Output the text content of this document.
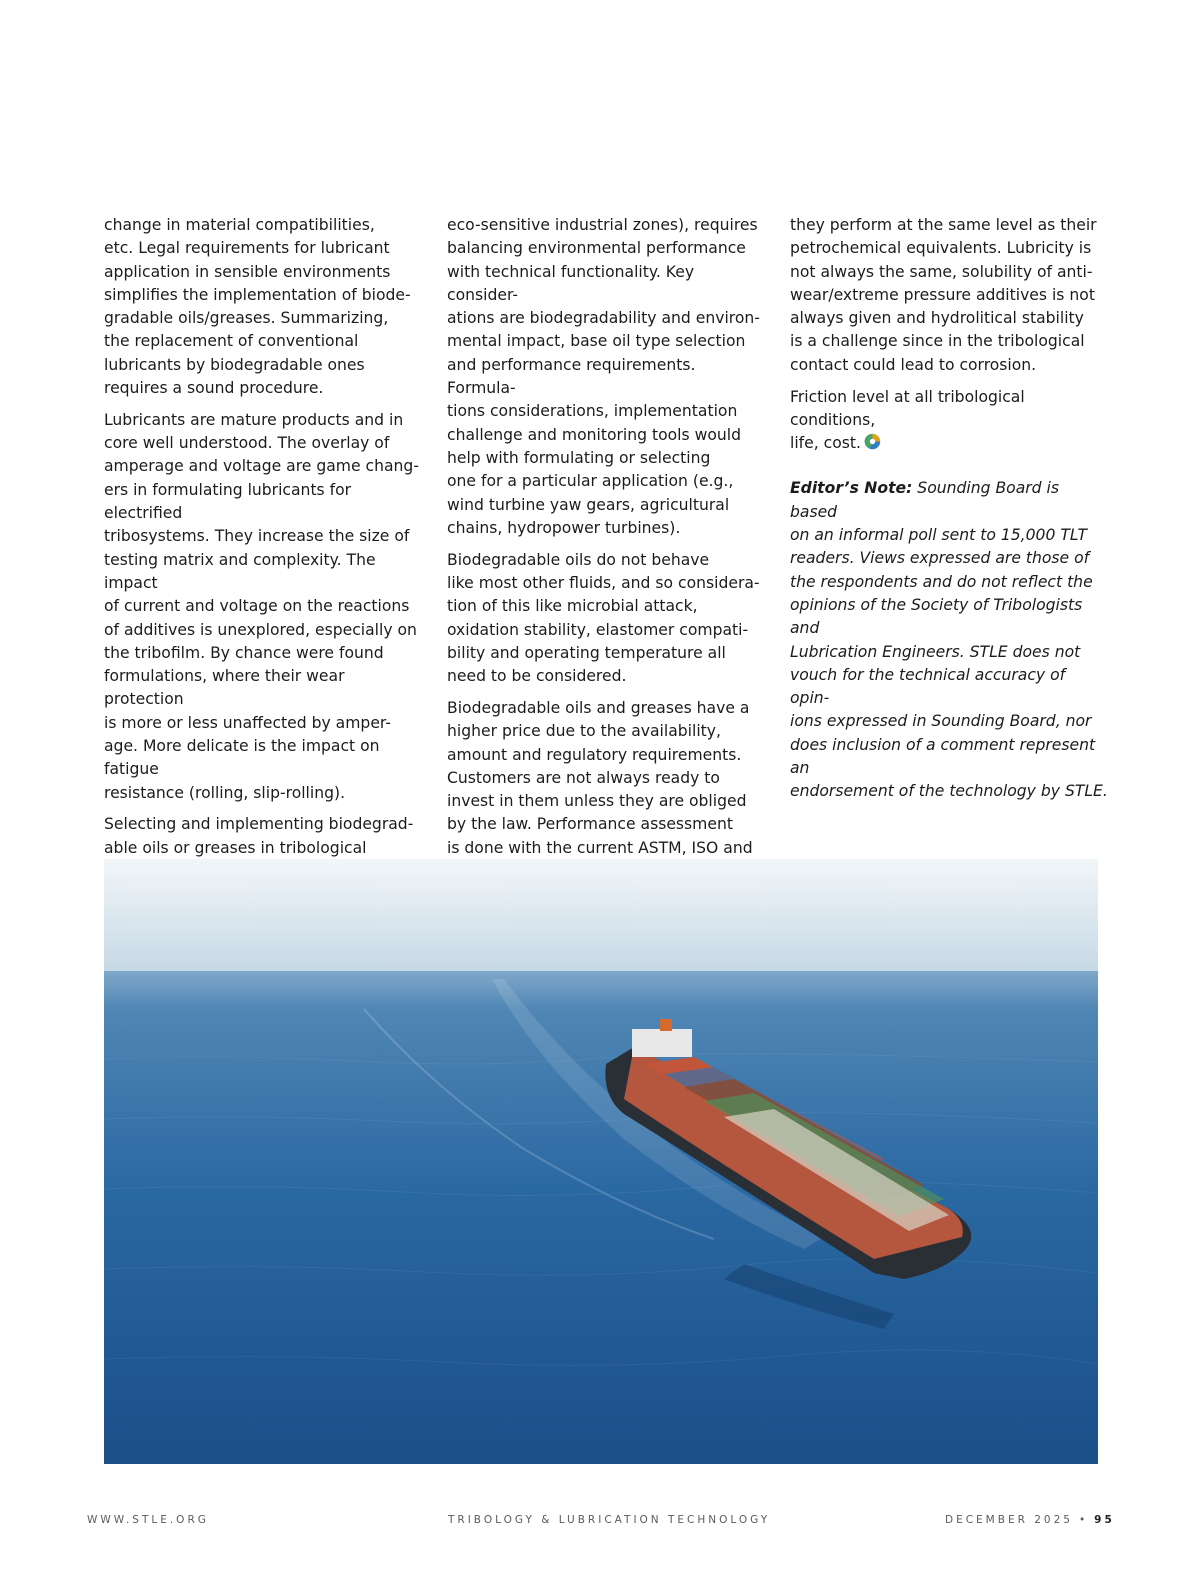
change in material compatibilities,
etc. Legal requirements for lubricant
application in sensible environments
simplifies the implementation of biode-
gradable oils/greases. Summarizing,
the replacement of conventional
lubricants by biodegradable ones
requires a sound procedure.

Lubricants are mature products and in
core well understood. The overlay of
amperage and voltage are game chang-
ers in formulating lubricants for electrified
tribosystems. They increase the size of
testing matrix and complexity. The impact
of current and voltage on the reactions
of additives is unexplored, especially on
the tribofilm. By chance were found
formulations, where their wear protection
is more or less unaffected by amper-
age. More delicate is the impact on fatigue
resistance (rolling, slip-rolling).

Selecting and implementing biodegrad-
able oils or greases in tribological

eco-sensitive industrial zones), requires
balancing environmental performance
with technical functionality. Key consider-
ations are biodegradability and environ-
mental impact, base oil type selection
and performance requirements. Formula-
tions considerations, implementation
challenge and monitoring tools would
help with formulating or selecting
one for a particular application (e.g.,
wind turbine yaw gears, agricultural
chains, hydropower turbines).

Biodegradable oils do not behave
like most other fluids, and so considera-
tion of this like microbial attack,
oxidation stability, elastomer compati-
bility and operating temperature all
need to be considered.

Biodegradable oils and greases have a
higher price due to the availability,
amount and regulatory requirements.
Customers are not always ready to
invest in them unless they are obliged
by the law. Performance assessment
is done with the current ASTM, ISO and

they perform at the same level as their
petrochemical equivalents. Lubricity is
not always the same, solubility of anti-
wear/extreme pressure additives is not
always given and hydrolitical stability
is a challenge since in the tribological
contact could lead to corrosion.

Friction level at all tribological conditions,
life, cost.

Editor’s Note: Sounding Board is based
on an informal poll sent to 15,000 TLT
readers. Views expressed are those of
the respondents and do not reflect the
opinions of the Society of Tribologists and
Lubrication Engineers. STLE does not
vouch for the technical accuracy of opin-
ions expressed in Sounding Board, nor
does inclusion of a comment represent an
endorsement of the technology by STLE.

WWW.STLE.ORG	TRIBOLOGY & LUBRICATION TECHNOLOGY	DECEMBER 2025 • 95
